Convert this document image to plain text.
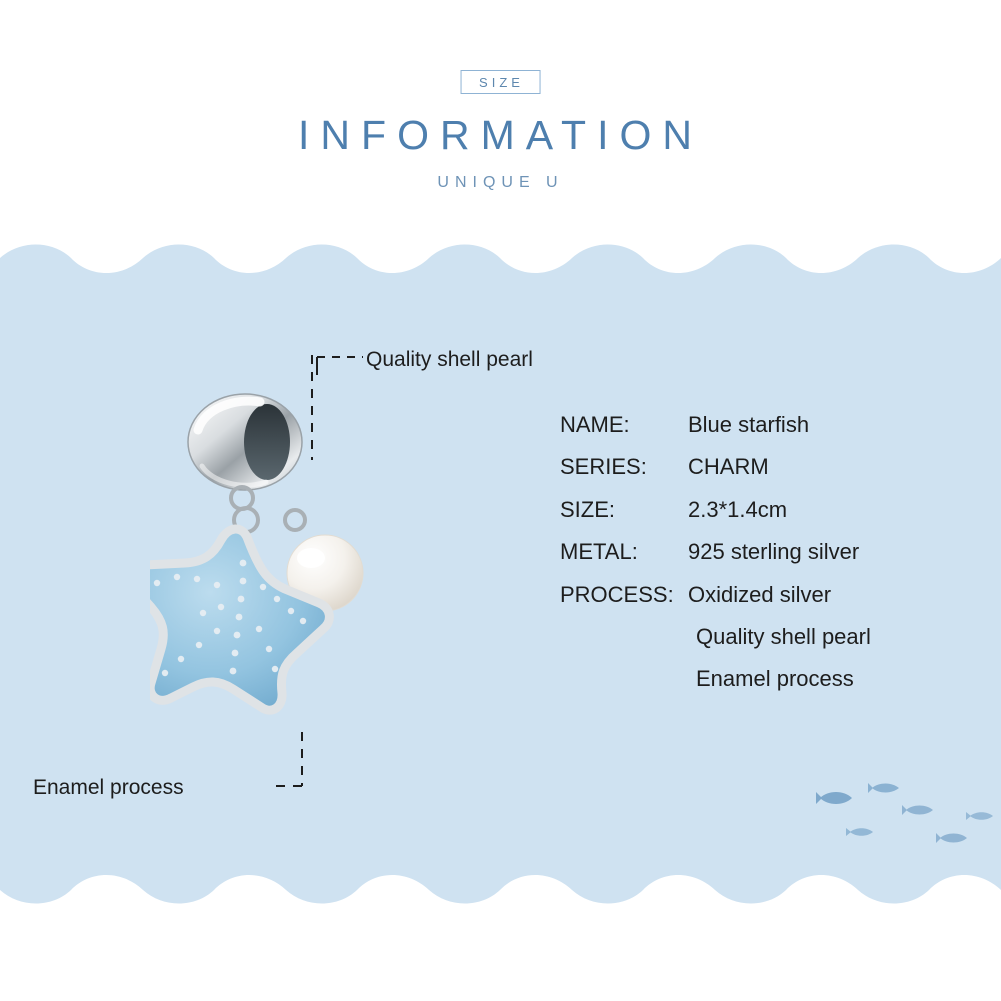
SIZE
INFORMATION
UNIQUE U
Quality shell pearl
Enamel process
NAME:	Blue starfish
SERIES:	CHARM
SIZE:	2.3*1.4cm
METAL:	925 sterling silver
PROCESS: Oxidized silver
Quality shell pearl
Enamel process
